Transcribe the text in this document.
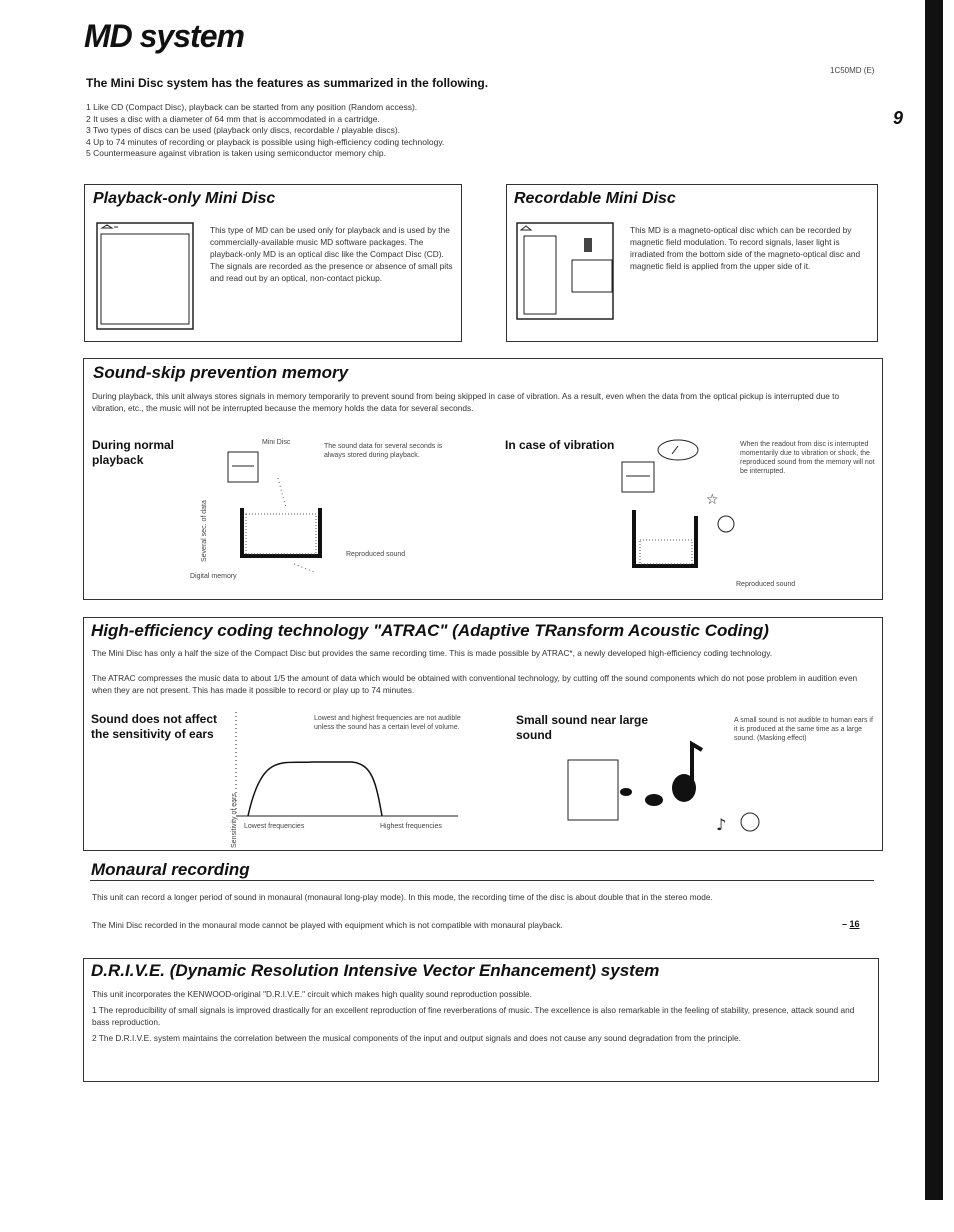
MD system
The Mini Disc system has the features as summarized in the following.
1C50MD (E)
9
1 Like CD (Compact Disc), playback can be started from any position (Random access).
2 It uses a disc with a diameter of 64 mm that is accommodated in a cartridge.
3 Two types of discs can be used (playback only discs, recordable / playable discs).
4 Up to 74 minutes of recording or playback is possible using high-efficiency coding technology.
5 Countermeasure against vibration is taken using semiconductor memory chip.
Playback-only Mini Disc
This type of MD can be used only for playback and is used by the commercially-available music MD software packages. The playback-only MD is an optical disc like the Compact Disc (CD). The signals are recorded as the presence or absence of small pits and read out by an optical, non-contact pickup.
Recordable Mini Disc
This MD is a magneto-optical disc which can be recorded by magnetic field modulation. To record signals, laser light is irradiated from the bottom side of the magneto-optical disc and magnetic field is applied from the upper side of it.
Sound-skip prevention memory
During playback, this unit always stores signals in memory temporarily to prevent sound from being skipped in case of vibration. As a result, even when the data from the optical pickup is interrupted due to vibration, etc., the music will not be interrupted because the memory holds the data for several seconds.
During normal playback
Mini Disc
The sound data for several seconds is always stored during playback.
Several sec. of data
Digital memory
Reproduced sound
In case of vibration	When the readout from disc is interrupted momentarily due to vibration or shock, the reproduced sound from the memory will not be interrupted.
Reproduced sound
☆
High-efficiency coding technology "ATRAC" (Adaptive TRansform Acoustic Coding)
The Mini Disc has only a half the size of the Compact Disc but provides the same recording time. This is made possible by ATRAC*, a newly developed high-efficiency coding technology.
The ATRAC compresses the music data to about 1/5 the amount of data which would be obtained with conventional technology, by cutting off the sound components which do not pose problem in audition even when they are not present. This has made it possible to record or play up to 74 minutes.
Sound does not affect the sensitivity of ears
Lowest and highest frequencies are not audible unless the sound has a certain level of volume.
Sensitivity of ears Lowest frequencies	Highest frequencies
Small sound near large sound
A small sound is not audible to human ears if it is produced at the same time as a large sound. (Masking effect)
♪
Monaural recording
This unit can record a longer period of sound in monaural (monaural long-play mode). In this mode, the recording time of the disc is about double that in the stereo mode.
The Mini Disc recorded in the monaural mode cannot be played with equipment which is not compatible with monaural playback.	– 16
D.R.I.V.E. (Dynamic Resolution Intensive Vector Enhancement) system
This unit incorporates the KENWOOD-original "D.R.I.V.E." circuit which makes high quality sound reproduction possible.
1 The reproducibility of small signals is improved drastically for an excellent reproduction of fine reverberations of music. The excellence is also remarkable in the feeling of stability, presence, attack sound and bass reproduction.
2 The D.R.I.V.E. system maintains the correlation between the musical components of the input and output signals and does not cause any sound degradation from the principle.
